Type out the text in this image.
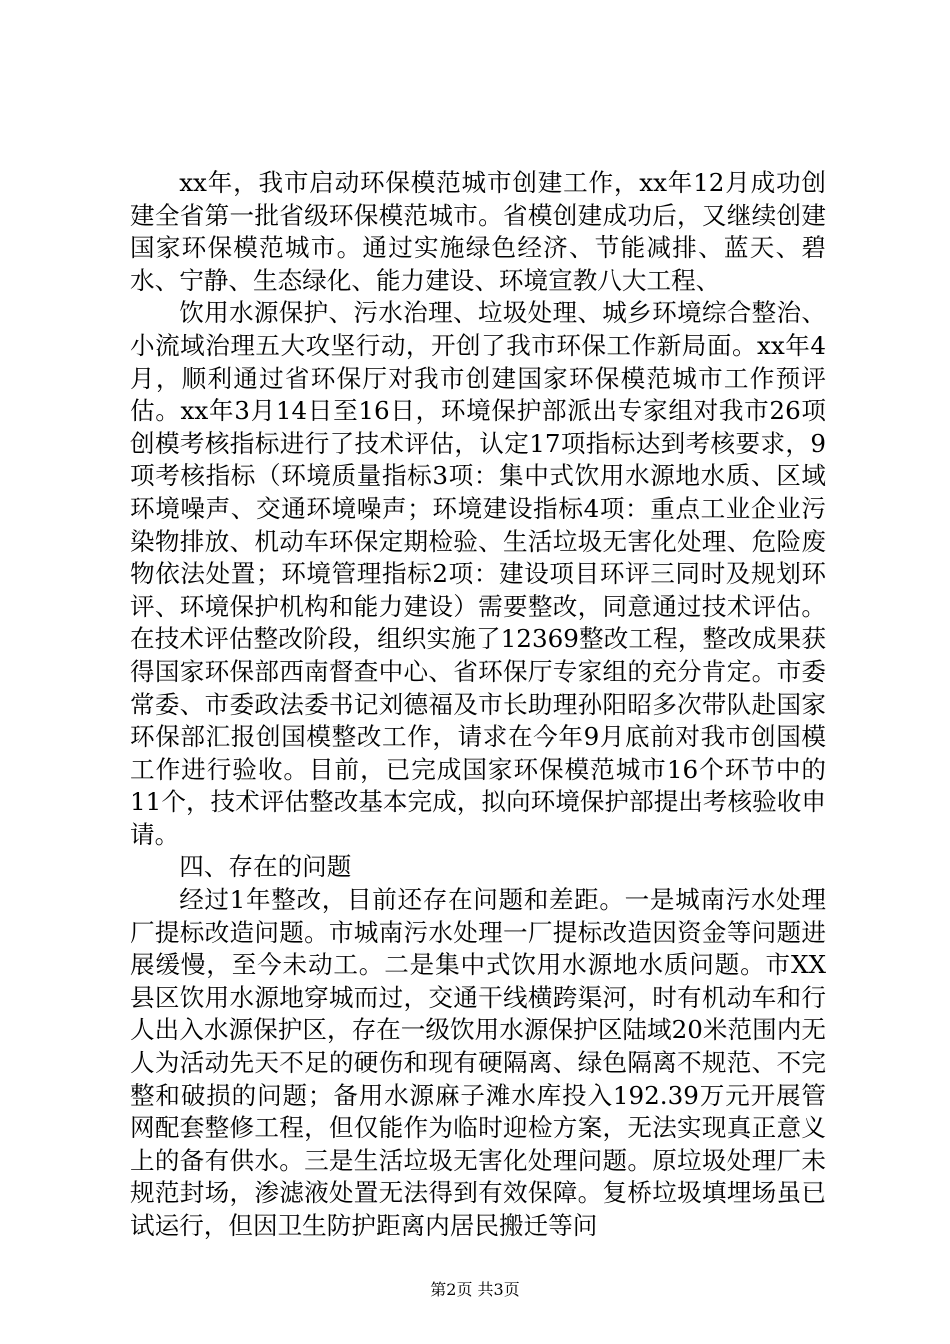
xx年，我市启动环保模范城市创建工作，xx年12月成功创建全省第一批省级环保模范城市。省模创建成功后，又继续创建国家环保模范城市。通过实施绿色经济、节能减排、蓝天、碧水、宁静、生态绿化、能力建设、环境宣教八大工程、

饮用水源保护、污水治理、垃圾处理、城乡环境综合整治、小流域治理五大攻坚行动，开创了我市环保工作新局面。xx年4月，顺利通过省环保厅对我市创建国家环保模范城市工作预评估。xx年3月14日至16日，环境保护部派出专家组对我市26项创模考核指标进行了技术评估，认定17项指标达到考核要求，9项考核指标（环境质量指标3项：集中式饮用水源地水质、区域环境噪声、交通环境噪声；环境建设指标4项：重点工业企业污染物排放、机动车环保定期检验、生活垃圾无害化处理、危险废物依法处置；环境管理指标2项：建设项目环评三同时及规划环评、环境保护机构和能力建设）需要整改，同意通过技术评估。在技术评估整改阶段，组织实施了12369整改工程，整改成果获得国家环保部西南督查中心、省环保厅专家组的充分肯定。市委常委、市委政法委书记刘德福及市长助理孙阳昭多次带队赴国家环保部汇报创国模整改工作，请求在今年9月底前对我市创国模工作进行验收。目前，已完成国家环保模范城市16个环节中的11个，技术评估整改基本完成，拟向环境保护部提出考核验收申请。

四、存在的问题

经过1年整改，目前还存在问题和差距。一是城南污水处理厂提标改造问题。市城南污水处理一厂提标改造因资金等问题进展缓慢，至今未动工。二是集中式饮用水源地水质问题。市XX县区饮用水源地穿城而过，交通干线横跨渠河，时有机动车和行人出入水源保护区，存在一级饮用水源保护区陆域20米范围内无人为活动先天不足的硬伤和现有硬隔离、绿色隔离不规范、不完整和破损的问题；备用水源麻子滩水库投入192.39万元开展管网配套整修工程，但仅能作为临时迎检方案，无法实现真正意义上的备有供水。三是生活垃圾无害化处理问题。原垃圾处理厂未规范封场，渗滤液处置无法得到有效保障。复桥垃圾填埋场虽已试运行，但因卫生防护距离内居民搬迁等问

第2页 共3页
